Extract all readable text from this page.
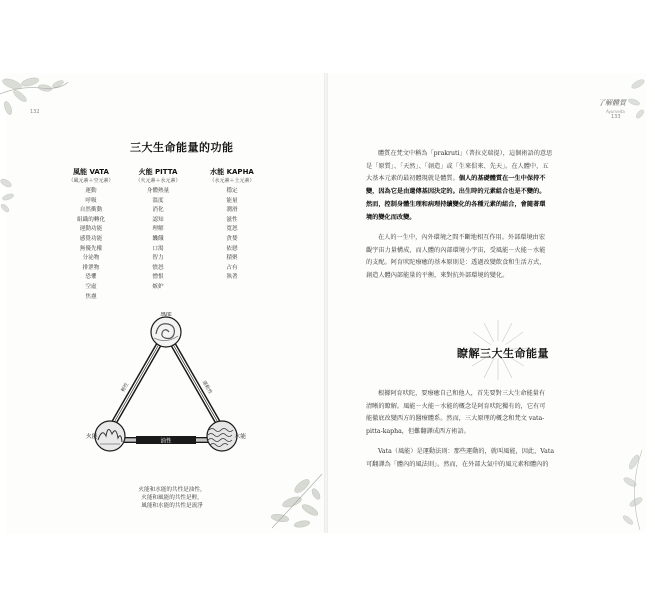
132
三大生命能量的功能
風能 VATA
（風元素＋空元素）
運動
呼吸
自然衝動
組織的轉化
運動功能
感覺功能
無優先權
分泌物
排泄物
恐懼
空虛
焦慮
火能 PITTA
（火元素＋水元素）
身體熱量
溫度
消化
認知
理解
饑餓
口渴
智力
憤怒
憎恨
嫉妒
水能 KAPHA
（水元素＋土元素）
穩定
能量
潤滑
滋性
寬恕
貪婪
依戀
積聚
占有
執著
油性
風能
火能	水能
輕性	運動性
火能和水能的共性是油性，
火能和風能的共性是輕，
風能和水能的共性是流淨
了解體質
Ayurveda
133
體質在梵文中稱為「prakruti」（普拉克瑞提），這個術語的意思
是「原質」、「天然」、「創造」或「生來俱來、先天」。在人體中，五
大基本元素的最初體現就是體質。個人的基礎體質在一生中保持不
變，因為它是由遺傳基因決定的。出生時的元素組合也是不變的。
然而，控制身體生理和病理持續變化的各種元素的組合，會隨著環
境的變化而改變。
在人的一生中，內外環境之間不斷地相互作用。外部環境由宏
觀宇宙力量構成，而人體的內部環境小宇宙，受風能－火能－水能
的支配。阿育吠陀療癒的基本原則是：透過改變飲食和生活方式，
創造人體內部能量的平衡，來對抗外部環境的變化。
瞭解三大生命能量
根據阿育吠陀，要療癒自己和他人，首先要對三大生命能量有
清晰的瞭解。風能－火能－水能的概念是阿育吠陀獨有的，它有可
能徹底改變西方的醫療體系。然而，三大原理的概念和梵文 vata-
pitta-kapha，但難翻譯成西方術語。
Vata（風能）是運動法則：那些運動的，就叫風能，因此，Vata
可翻譯為「體內的風法則」。然而，在外部大氣中的風元素和體內的
